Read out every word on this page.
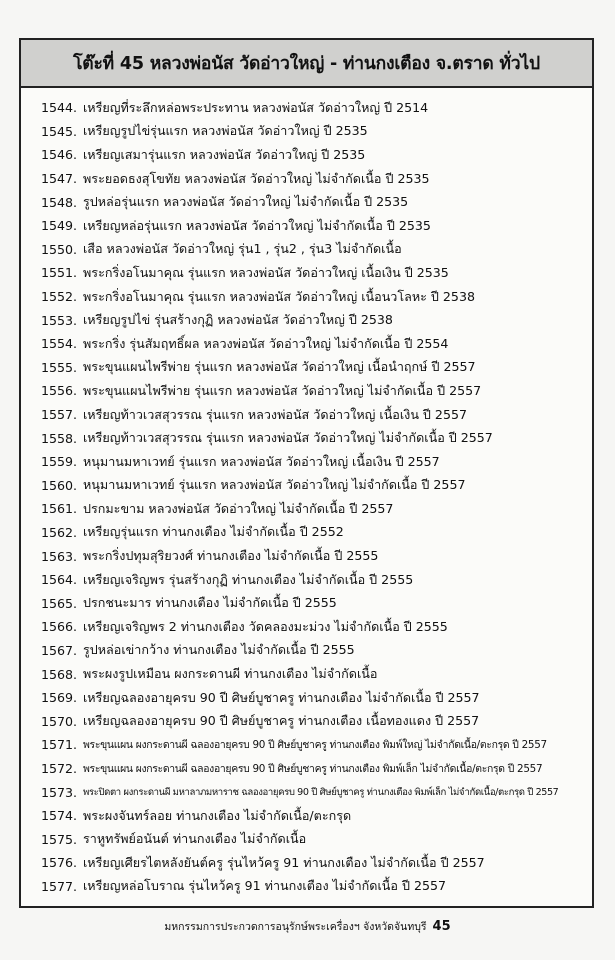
โต๊ะที่ 45 หลวงพ่อนัส วัดอ่าวใหญ่ - ท่านกงเตือง จ.ตราด ทั่วไป
1544. เหรียญที่ระลึกหล่อพระประทาน หลวงพ่อนัส วัดอ่าวใหญ่ ปี 2514
1545. เหรียญรูปไข่รุ่นแรก หลวงพ่อนัส วัดอ่าวใหญ่ ปี 2535
1546. เหรียญเสมารุ่นแรก หลวงพ่อนัส วัดอ่าวใหญ่ ปี 2535
1547. พระยอดธงสุโขทัย หลวงพ่อนัส วัดอ่าวใหญ่ ไม่จำกัดเนื้อ ปี 2535
1548. รูปหล่อรุ่นแรก หลวงพ่อนัส วัดอ่าวใหญ่ ไม่จำกัดเนื้อ ปี 2535
1549. เหรียญหล่อรุ่นแรก หลวงพ่อนัส วัดอ่าวใหญ่ ไม่จำกัดเนื้อ ปี 2535
1550. เสือ หลวงพ่อนัส วัดอ่าวใหญ่ รุ่น1 , รุ่น2 , รุ่น3 ไม่จำกัดเนื้อ
1551. พระกริ่งอโนมาคุณ รุ่นแรก หลวงพ่อนัส วัดอ่าวใหญ่ เนื้อเงิน ปี 2535
1552. พระกริ่งอโนมาคุณ รุ่นแรก หลวงพ่อนัส วัดอ่าวใหญ่ เนื้อนวโลหะ ปี 2538
1553. เหรียญรูปไข่ รุ่นสร้างกุฏิ หลวงพ่อนัส วัดอ่าวใหญ่ ปี 2538
1554. พระกริ่ง รุ่นสัมฤทธิ์ผล หลวงพ่อนัส วัดอ่าวใหญ่ ไม่จำกัดเนื้อ ปี 2554
1555. พระขุนแผนไพรีพ่าย รุ่นแรก หลวงพ่อนัส วัดอ่าวใหญ่ เนื้อนำฤกษ์ ปี 2557
1556. พระขุนแผนไพรีพ่าย รุ่นแรก หลวงพ่อนัส วัดอ่าวใหญ่ ไม่จำกัดเนื้อ ปี 2557
1557. เหรียญท้าวเวสสุวรรณ รุ่นแรก หลวงพ่อนัส วัดอ่าวใหญ่ เนื้อเงิน ปี 2557
1558. เหรียญท้าวเวสสุวรรณ รุ่นแรก หลวงพ่อนัส วัดอ่าวใหญ่ ไม่จำกัดเนื้อ ปี 2557
1559. หนุมานมหาเวทย์ รุ่นแรก หลวงพ่อนัส วัดอ่าวใหญ่ เนื้อเงิน ปี 2557
1560. หนุมานมหาเวทย์ รุ่นแรก หลวงพ่อนัส วัดอ่าวใหญ่ ไม่จำกัดเนื้อ ปี 2557
1561. ปรกมะขาม หลวงพ่อนัส วัดอ่าวใหญ่ ไม่จำกัดเนื้อ ปี 2557
1562. เหรียญรุ่นแรก ท่านกงเตือง ไม่จำกัดเนื้อ ปี 2552
1563. พระกริ่งปทุมสุริยวงศ์ ท่านกงเตือง ไม่จำกัดเนื้อ ปี 2555
1564. เหรียญเจริญพร รุ่นสร้างกุฏิ ท่านกงเตือง ไม่จำกัดเนื้อ ปี 2555
1565. ปรกชนะมาร ท่านกงเตือง ไม่จำกัดเนื้อ ปี 2555
1566. เหรียญเจริญพร 2 ท่านกงเตือง วัดคลองมะม่วง ไม่จำกัดเนื้อ ปี 2555
1567. รูปหล่อเข่ากว้าง ท่านกงเตือง ไม่จำกัดเนื้อ ปี 2555
1568. พระผงรูปเหมือน ผงกระดานผี ท่านกงเตือง ไม่จำกัดเนื้อ
1569. เหรียญฉลองอายุครบ 90 ปี ศิษย์บูชาครู ท่านกงเตือง ไม่จำกัดเนื้อ ปี 2557
1570. เหรียญฉลองอายุครบ 90 ปี ศิษย์บูชาครู ท่านกงเตือง เนื้อทองแดง ปี 2557
1571. พระขุนแผน ผงกระดานผี ฉลองอายุครบ 90 ปี ศิษย์บูชาครู ท่านกงเตือง พิมพ์ใหญ่ ไม่จำกัดเนื้อ/ตะกรุด ปี 2557
1572. พระขุนแผน ผงกระดานผี ฉลองอายุครบ 90 ปี ศิษย์บูชาครู ท่านกงเตือง พิมพ์เล็ก ไม่จำกัดเนื้อ/ตะกรุด ปี 2557
1573. พระปิดตา ผงกระดานผี มหาลาภมหาราช ฉลองอายุครบ 90 ปี ศิษย์บูชาครู ท่านกงเตือง พิมพ์เล็ก ไม่จำกัดเนื้อ/ตะกรุด ปี 2557
1574. พระผงจันทร์ลอย ท่านกงเตือง ไม่จำกัดเนื้อ/ตะกรุด
1575. ราหูทรัพย์อนันต์ ท่านกงเตือง ไม่จำกัดเนื้อ
1576. เหรียญเศียรไตหลังยันต์ครู รุ่นไหว้ครู 91 ท่านกงเตือง ไม่จำกัดเนื้อ ปี 2557
1577. เหรียญหล่อโบราณ รุ่นไหว้ครู 91 ท่านกงเตือง ไม่จำกัดเนื้อ ปี 2557
มหกรรมการประกวดการอนุรักษ์พระเครื่องฯ จังหวัดจันทบุรี 45
